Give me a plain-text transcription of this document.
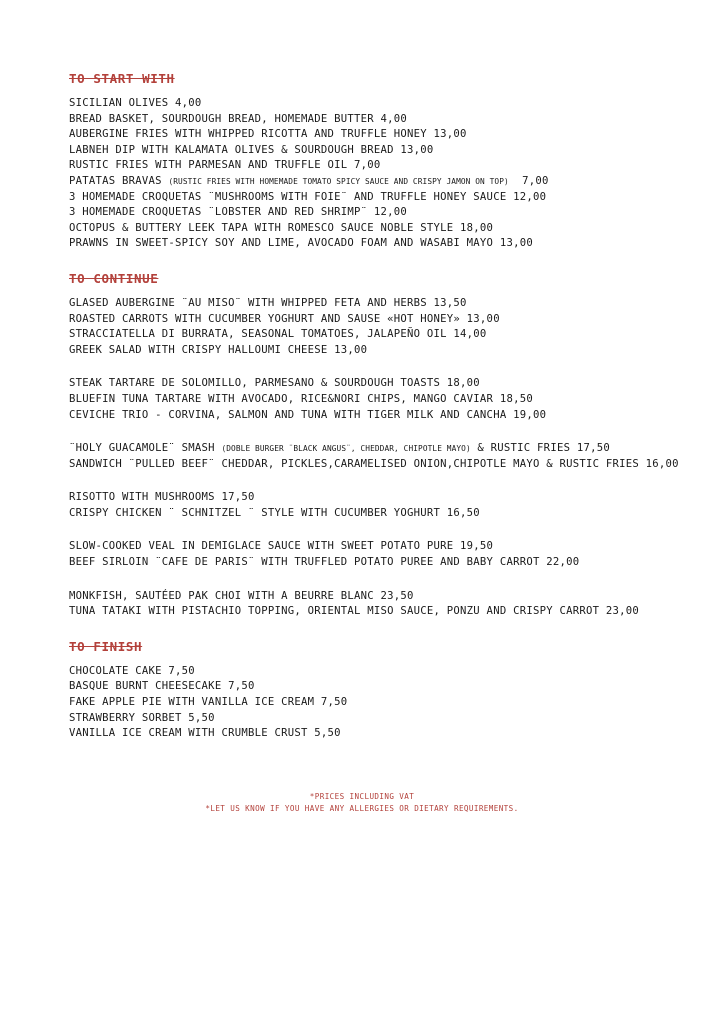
TO START WITH
SICILIAN OLIVES 4,00
BREAD BASKET, SOURDOUGH BREAD, HOMEMADE BUTTER 4,00
AUBERGINE FRIES WITH WHIPPED RICOTTA AND TRUFFLE HONEY 13,00
LABNEH DIP WITH KALAMATA OLIVES & SOURDOUGH BREAD 13,00
RUSTIC FRIES WITH PARMESAN AND TRUFFLE OIL 7,00
PATATAS BRAVAS (RUSTIC FRIES WITH HOMEMADE TOMATO SPICY SAUCE AND CRISPY JAMON ON TOP) 7,00
3 HOMEMADE CROQUETAS ¨MUSHROOMS WITH FOIE¨ AND TRUFFLE HONEY SAUCE 12,00
3 HOMEMADE CROQUETAS ¨LOBSTER AND RED SHRIMP¨ 12,00
OCTOPUS & BUTTERY LEEK TAPA WITH ROMESCO SAUCE NOBLE STYLE 18,00
PRAWNS IN SWEET-SPICY SOY AND LIME, AVOCADO FOAM AND WASABI MAYO 13,00
TO CONTINUE
GLASED AUBERGINE ¨AU MISO¨ WITH WHIPPED FETA AND HERBS 13,50
ROASTED CARROTS WITH CUCUMBER YOGHURT AND SAUSE «HOT HONEY» 13,00
STRACCIATELLA DI BURRATA, SEASONAL TOMATOES, JALAPEÑO OIL 14,00
GREEK SALAD WITH CRISPY HALLOUMI CHEESE 13,00
STEAK TARTARE DE SOLOMILLO, PARMESANO & SOURDOUGH TOASTS 18,00
BLUEFIN TUNA TARTARE WITH AVOCADO, RICE&NORI CHIPS, MANGO CAVIAR 18,50
CEVICHE TRIO - CORVINA, SALMON AND TUNA WITH TIGER MILK AND CANCHA 19,00
¨HOLY GUACAMOLE¨ SMASH (DOBLE BURGER ¨BLACK ANGUS¨, CHEDDAR, CHIPOTLE MAYO) & RUSTIC FRIES 17,50
SANDWICH ¨PULLED BEEF¨ CHEDDAR, PICKLES,CARAMELISED ONION,CHIPOTLE MAYO & RUSTIC FRIES 16,00
RISOTTO WITH MUSHROOMS 17,50
CRISPY CHICKEN ¨ SCHNITZEL ¨ STYLE WITH CUCUMBER YOGHURT 16,50
SLOW-COOKED VEAL IN DEMIGLACE SAUCE WITH SWEET POTATO PURE 19,50
BEEF SIRLOIN ¨CAFE DE PARIS¨ WITH TRUFFLED POTATO PUREE AND BABY CARROT 22,00
MONKFISH, SAUTÉED PAK CHOI WITH A BEURRE BLANC 23,50
TUNA TATAKI WITH PISTACHIO TOPPING, ORIENTAL MISO SAUCE, PONZU AND CRISPY CARROT 23,00
TO FINISH
CHOCOLATE CAKE 7,50
BASQUE BURNT CHEESECAKE 7,50
FAKE APPLE PIE WITH VANILLA ICE CREAM 7,50
STRAWBERRY SORBET 5,50
VANILLA ICE CREAM WITH CRUMBLE CRUST 5,50
*PRICES INCLUDING VAT
*LET US KNOW IF YOU HAVE ANY ALLERGIES OR DIETARY REQUIREMENTS.
